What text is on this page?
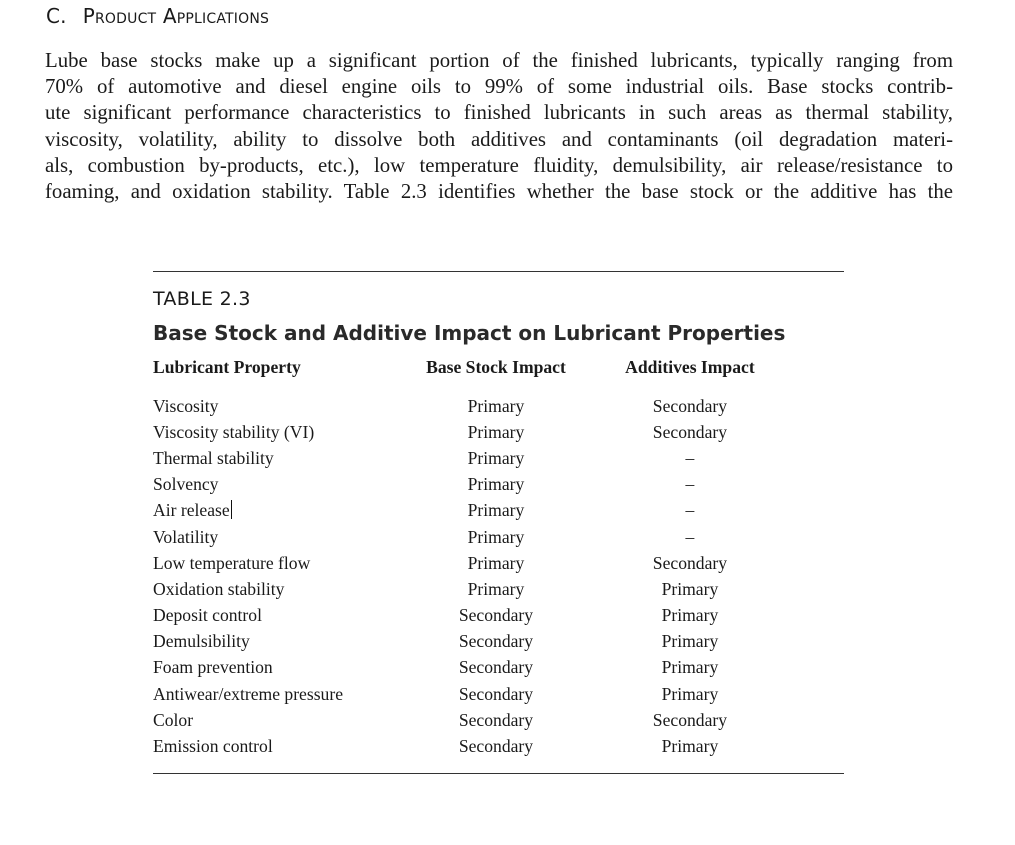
C. Product Applications

Lube base stocks make up a significant portion of the finished lubricants, typically ranging from
70% of automotive and diesel engine oils to 99% of some industrial oils. Base stocks contrib-
ute significant performance characteristics to finished lubricants in such areas as thermal stability,
viscosity, volatility, ability to dissolve both additives and contaminants (oil degradation materi-
als, combustion by-products, etc.), low temperature fluidity, demulsibility, air release/resistance to
foaming, and oxidation stability. Table 2.3 identifies whether the base stock or the additive has the

TABLE 2.3
Base Stock and Additive Impact on Lubricant Properties
Lubricant Property	Base Stock Impact	Additives Impact
Viscosity	Primary	Secondary
Viscosity stability (VI)	Primary	Secondary
Thermal stability	Primary	–
Solvency	Primary	–
Air release	Primary	–
Volatility	Primary	–
Low temperature flow	Primary	Secondary
Oxidation stability	Primary	Primary
Deposit control	Secondary	Primary
Demulsibility	Secondary	Primary
Foam prevention	Secondary	Primary
Antiwear/extreme pressure	Secondary	Primary
Color	Secondary	Secondary
Emission control	Secondary	Primary
